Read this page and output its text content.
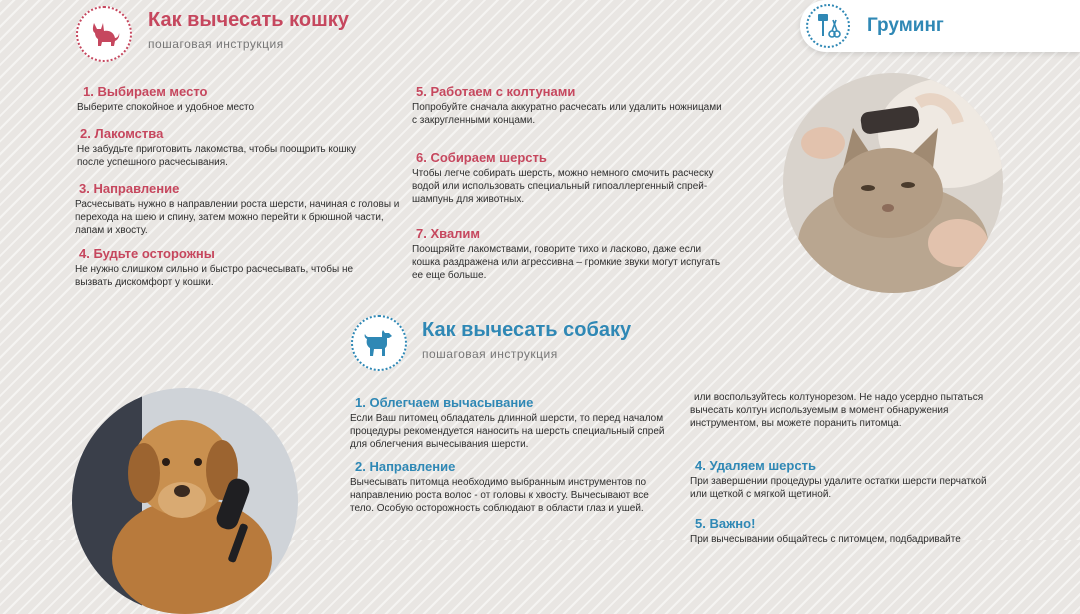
Как вычесать кошку
пошаговая инструкция
1. Выбираем место

Выберите спокойное и удобное место

2. Лакомства

Не забудьте приготовить лакомства, чтобы поощрить кошку после успешного расчесывания.

3. Направление

Расчесывать нужно в направлении роста шерсти, начиная с головы и перехода на шею и спину, затем можно перейти к брюшной части, лапам и хвосту.

4. Будьте осторожны

Не нужно слишком сильно и быстро расчесывать, чтобы не вызвать дискомфорт у кошки.

5. Работаем с колтунами

Попробуйте сначала аккуратно расчесать или удалить ножницами с закругленными концами.

6. Собираем шерсть

Чтобы легче собирать шерсть, можно немного смочить расческу водой или использовать специальный гипоаллергенный спрей-шампунь для животных.

7. Хвалим

Поощряйте лакомствами, говорите тихо и ласково, даже если кошка раздражена или агрессивна – громкие звуки могут испугать ее еще больше.

Груминг
Как вычесать собаку
пошаговая инструкция
1. Облегчаем вычасывание

Если Ваш питомец обладатель длинной шерсти, то перед началом процедуры рекомендуется наносить на шерсть специальный спрей для облегчения вычесывания шерсти.

2. Направление

Вычесывать питомца необходимо выбранным инструментов по направлению роста волос - от головы к хвосту. Вычесывают все тело. Особую осторожность соблюдают в области глаз и ушей.

или воспользуйтесь колтунорезом. Не надо усердно пытаться вычесать колтун используемым в момент обнаружения инструментом, вы можете поранить питомца.

4. Удаляем шерсть

При завершении процедуры удалите остатки шерсти перчаткой или щеткой с мягкой щетиной.

5. Важно!

При вычесывании общайтесь с питомцем, подбадривайте
